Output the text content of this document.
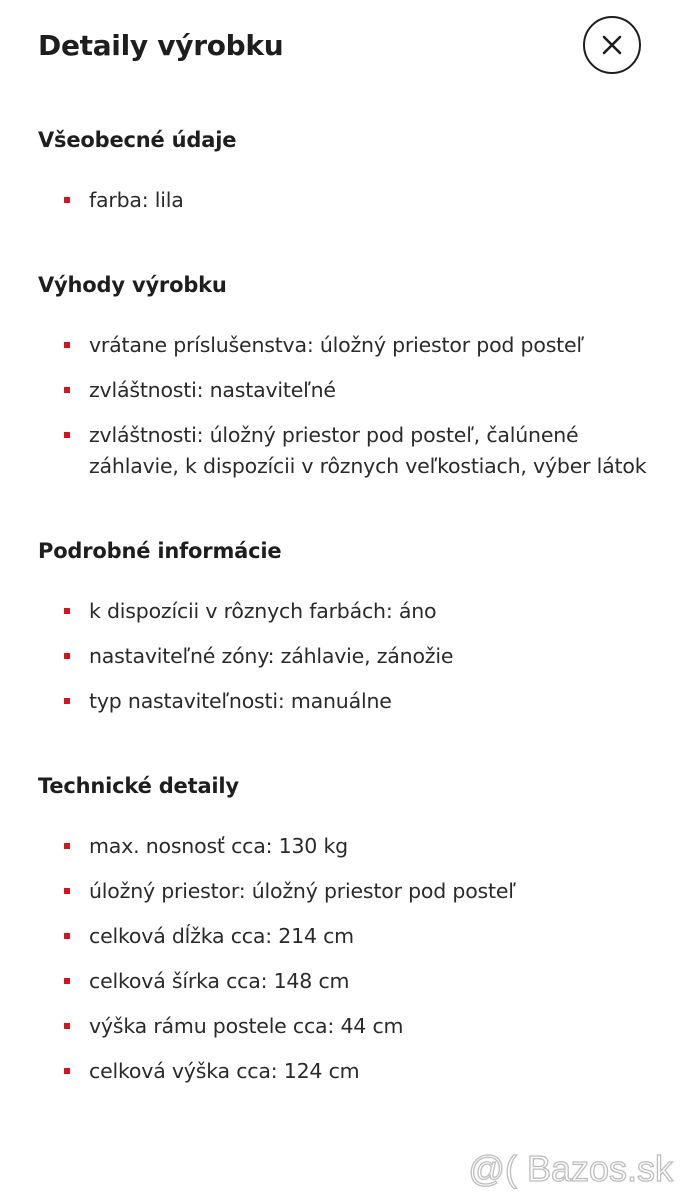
Detaily výrobku
Všeobecné údaje
farba: lila
Výhody výrobku
vrátane príslušenstva: úložný priestor pod posteľ
zvláštnosti: nastaviteľné
zvláštnosti: úložný priestor pod posteľ, čalúnené záhlavie, k dispozícii v rôznych veľkostiach, výber látok
Podrobné informácie
k dispozícii v rôznych farbách: áno
nastaviteľné zóny: záhlavie, zánožie
typ nastaviteľnosti: manuálne
Technické detaily
max. nosnosť cca: 130 kg
úložný priestor: úložný priestor pod posteľ
celková dĺžka cca: 214 cm
celková šírka cca: 148 cm
výška rámu postele cca: 44 cm
celková výška cca: 124 cm
@( Bazos.sk
